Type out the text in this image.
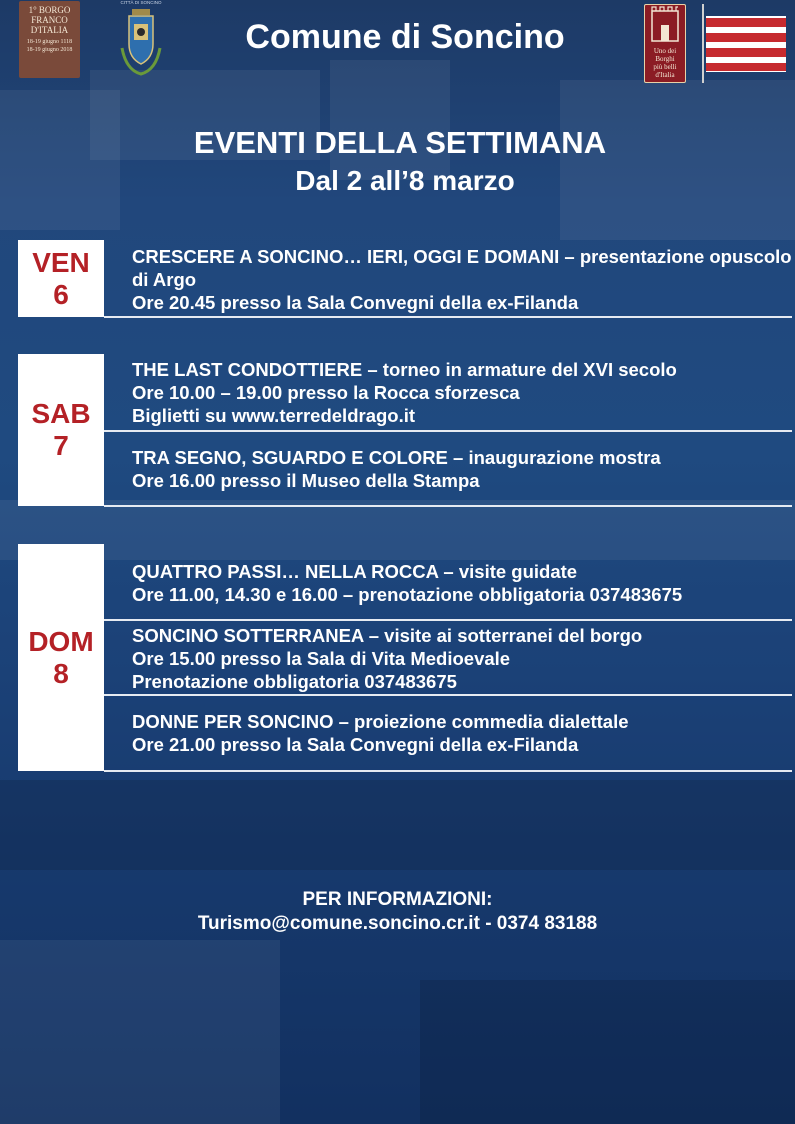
1° BORGO
FRANCO
D'ITALIA
18-19 giugno 1118
18-19 giugno 2018
CITTÀ DI SONCINO
Comune di Soncino	Uno dei
Borghi
più belli
d'Italia
EVENTI DELLA SETTIMANA
Dal 2 all’8 marzo
VEN
6
CRESCERE A SONCINO… IERI, OGGI E DOMANI – presentazione opuscolo di Argo
Ore 20.45 presso la Sala Convegni della ex-Filanda
SAB
7
THE LAST CONDOTTIERE – torneo in armature del XVI secolo
Ore 10.00 – 19.00 presso la Rocca sforzesca
Biglietti su www.terredeldrago.it
TRA SEGNO, SGUARDO E COLORE – inaugurazione mostra
Ore 16.00 presso il Museo della Stampa
DOM
8
QUATTRO PASSI… NELLA ROCCA – visite guidate
Ore 11.00, 14.30 e 16.00 – prenotazione obbligatoria 037483675
SONCINO SOTTERRANEA – visite ai sotterranei del borgo
Ore 15.00 presso la Sala di Vita Medioevale
Prenotazione obbligatoria 037483675
DONNE PER SONCINO – proiezione commedia dialettale
Ore 21.00 presso la Sala Convegni della ex-Filanda
PER INFORMAZIONI:
Turismo@comune.soncino.cr.it - 0374 83188
